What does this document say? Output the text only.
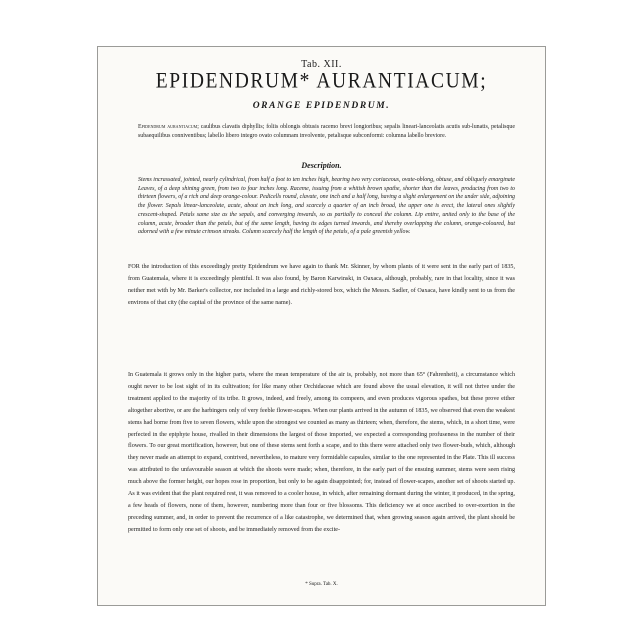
Tab. XII.
EPIDENDRUM* AURANTIACUM;
ORANGE EPIDENDRUM.

Epidendrum aurantiacum; caulibus clavatis diphyllis; foliis oblongis obtusis racemo brevi longioribus; sepalis lineari-lanceolatis acutis sub-lunatis, petalisque subaequilibus conniventibus; labello libero integro ovato columnam involvente, petalisque subconformi: columna labello breviore.

Description.

Stems incrassated, jointed, nearly cylindrical, from half a foot to ten inches high, bearing two very coriaceous, ovate-oblong, obtuse, and obliquely emarginate Leaves, of a deep shining green, from two to four inches long. Raceme, issuing from a whitish brown spathe, shorter than the leaves, producing from two to thirteen flowers, of a rich and deep orange-colour. Pedicells round, clavate, one inch and a half long, having a slight enlargement on the under side, adjoining the flower. Sepals linear-lanceolate, acute, about an inch long, and scarcely a quarter of an inch broad, the upper one is erect, the lateral ones slightly crescent-shaped. Petals same size as the sepals, and converging inwards, so as partially to conceal the column. Lip entire, united only to the base of the column, acute, broader than the petals, but of the same length, having its edges turned inwards, and thereby overlapping the column, orange-coloured, but adorned with a few minute crimson streaks. Column scarcely half the length of the petals, of a pale greenish yellow.

FOR the introduction of this exceedingly pretty Epidendrum we have again to thank Mr. Skinner, by whom plants of it were sent in the early part of 1835, from Guatemala, where it is exceedingly plentiful. It was also found, by Baron Karwinski, in Oaxaca, although, probably, rare in that locality, since it was neither met with by Mr. Barker's collector, nor included in a large and richly-stored box, which the Messrs. Sadler, of Oaxaca, have kindly sent to us from the environs of that city (the capital of the province of the same name).

In Guatemala it grows only in the higher parts, where the mean temperature of the air is, probably, not more than 65° (Fahrenheit), a circumstance which ought never to be lost sight of in its cultivation; for like many other Orchidaceae which are found above the usual elevation, it will not thrive under the treatment applied to the majority of its tribe. It grows, indeed, and freely, among its compeers, and even produces vigorous spathes, but these prove either altogether abortive, or are the harbingers only of very feeble flower-scapes. When our plants arrived in the autumn of 1835, we observed that even the weakest stems had borne from five to seven flowers, while upon the strongest we counted as many as thirteen; when, therefore, the stems, which, in a short time, were perfected in the epiphyte house, rivalled in their dimensions the largest of those imported, we expected a corresponding profuseness in the number of their flowers. To our great mortification, however, but one of these stems sent forth a scape, and to this there were attached only two flower-buds, which, although they never made an attempt to expand, contrived, nevertheless, to mature very formidable capsules, similar to the one represented in the Plate. This ill success was attributed to the unfavourable season at which the shoots were made; when, therefore, in the early part of the ensuing summer, stems were seen rising much above the former height, our hopes rose in proportion, but only to be again disappointed; for, instead of flower-scapes, another set of shoots started up. As it was evident that the plant required rest, it was removed to a cooler house, in which, after remaining dormant during the winter, it produced, in the spring, a few heads of flowers, none of them, however, numbering more than four or five blossoms. This deficiency we at once ascribed to over-exertion in the preceding summer, and, in order to prevent the recurrence of a like catastrophe, we determined that, when growing season again arrived, the plant should be permitted to form only one set of shoots, and be immediately removed from the excite-

* Supra. Tab. X.
